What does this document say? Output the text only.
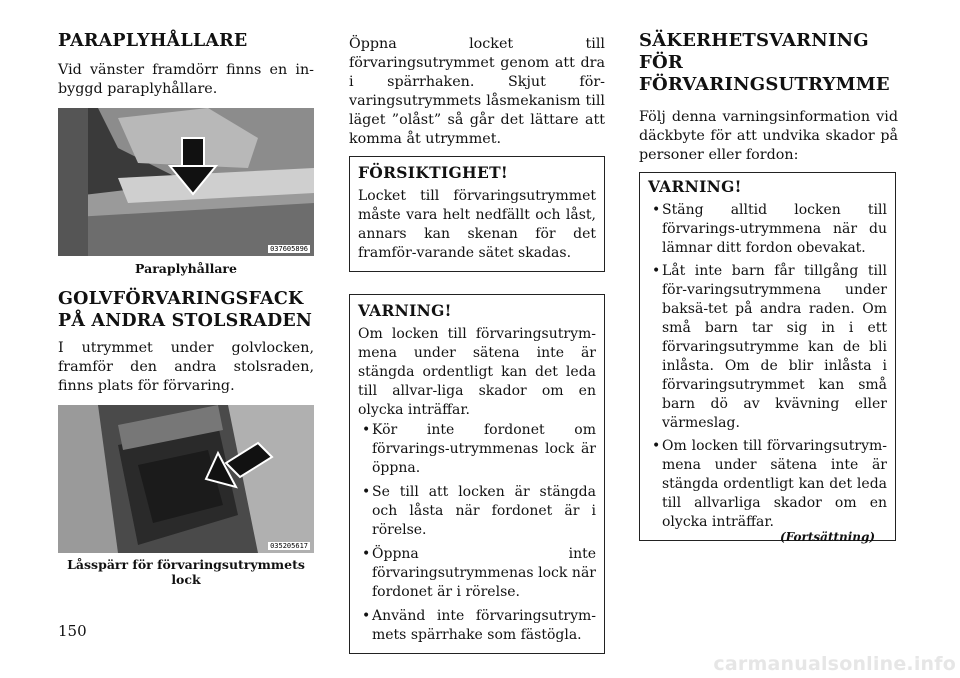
PARAPLYHÅLLARE

Vid vänster framdörr finns en in-byggd paraplyhållare.

037605896
Paraplyhållare
GOLVFÖRVARINGSFACK
PÅ ANDRA STOLSRADEN

I utrymmet under golvlocken, framför den andra stolsraden, finns plats för förvaring.

035205617
Låsspärr för förvaringsutrymmets
lock

Öppna locket till förvaringsutrymmet genom att dra i spärrhaken. Skjut för-varingsutrymmets låsmekanism till läget ”olåst” så går det lättare att komma åt utrymmet.

FÖRSIKTIGHET!

Locket till förvaringsutrymmet måste vara helt nedfällt och låst, annars kan skenan för det framför-varande sätet skadas.

VARNING!

Om locken till förvaringsutrym-mena under sätena inte är stängda ordentligt kan det leda till allvar-liga skador om en olycka inträffar.

• Kör inte fordonet om förvarings-utrymmenas lock är öppna.
• Se till att locken är stängda och låsta när fordonet är i rörelse.
• Öppna inte förvaringsutrymmenas lock när fordonet är i rörelse.
• Använd inte förvaringsutrym-mets spärrhake som fästögla.
SÄKERHETSVARNING FÖR
FÖRVARINGSUTRYMME

Följ denna varningsinformation vid däckbyte för att undvika skador på personer eller fordon:

VARNING!
• Stäng alltid locken till förvarings-utrymmena när du lämnar ditt fordon obevakat.
• Låt inte barn får tillgång till för-varingsutrymmena under baksä-tet på andra raden. Om små barn tar sig in i ett förvaringsutrymme kan de bli inlåsta. Om de blir inlåsta i förvaringsutrymmet kan små barn dö av kvävning eller värmeslag.
• Om locken till förvaringsutrym-mena under sätena inte är stängda ordentligt kan det leda till allvarliga skador om en olycka inträffar.
(Fortsättning)
150
carmanualsonline.info
